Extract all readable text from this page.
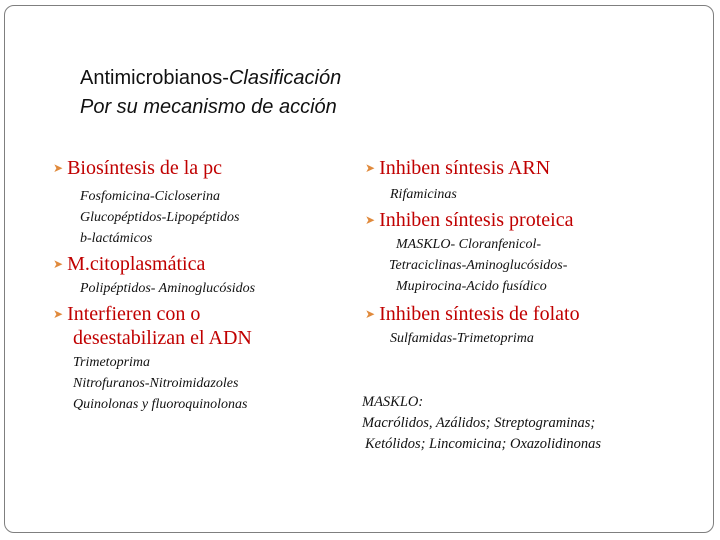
Antimicrobianos-Clasificación
Por su mecanismo de acción
➤ Biosíntesis de la pc
Fosfomicina-Cicloserina
Glucopéptidos-Lipopéptidos
b-lactámicos
➤ M.citoplasmática
Polipéptidos- Aminoglucósidos
➤ Interfieren con o
desestabilizan el ADN
Trimetoprima
Nitrofuranos-Nitroimidazoles
Quinolonas y fluoroquinolonas
➤ Inhiben síntesis ARN
Rifamicinas
➤ Inhiben síntesis proteica
MASKLO- Cloranfenicol-
Tetraciclinas-Aminoglucósidos-
Mupirocina-Acido fusídico
➤ Inhiben síntesis de folato
Sulfamidas-Trimetoprima
MASKLO:
Macrólidos, Azálidos; Streptograminas;
Ketólidos; Lincomicina; Oxazolidinonas
